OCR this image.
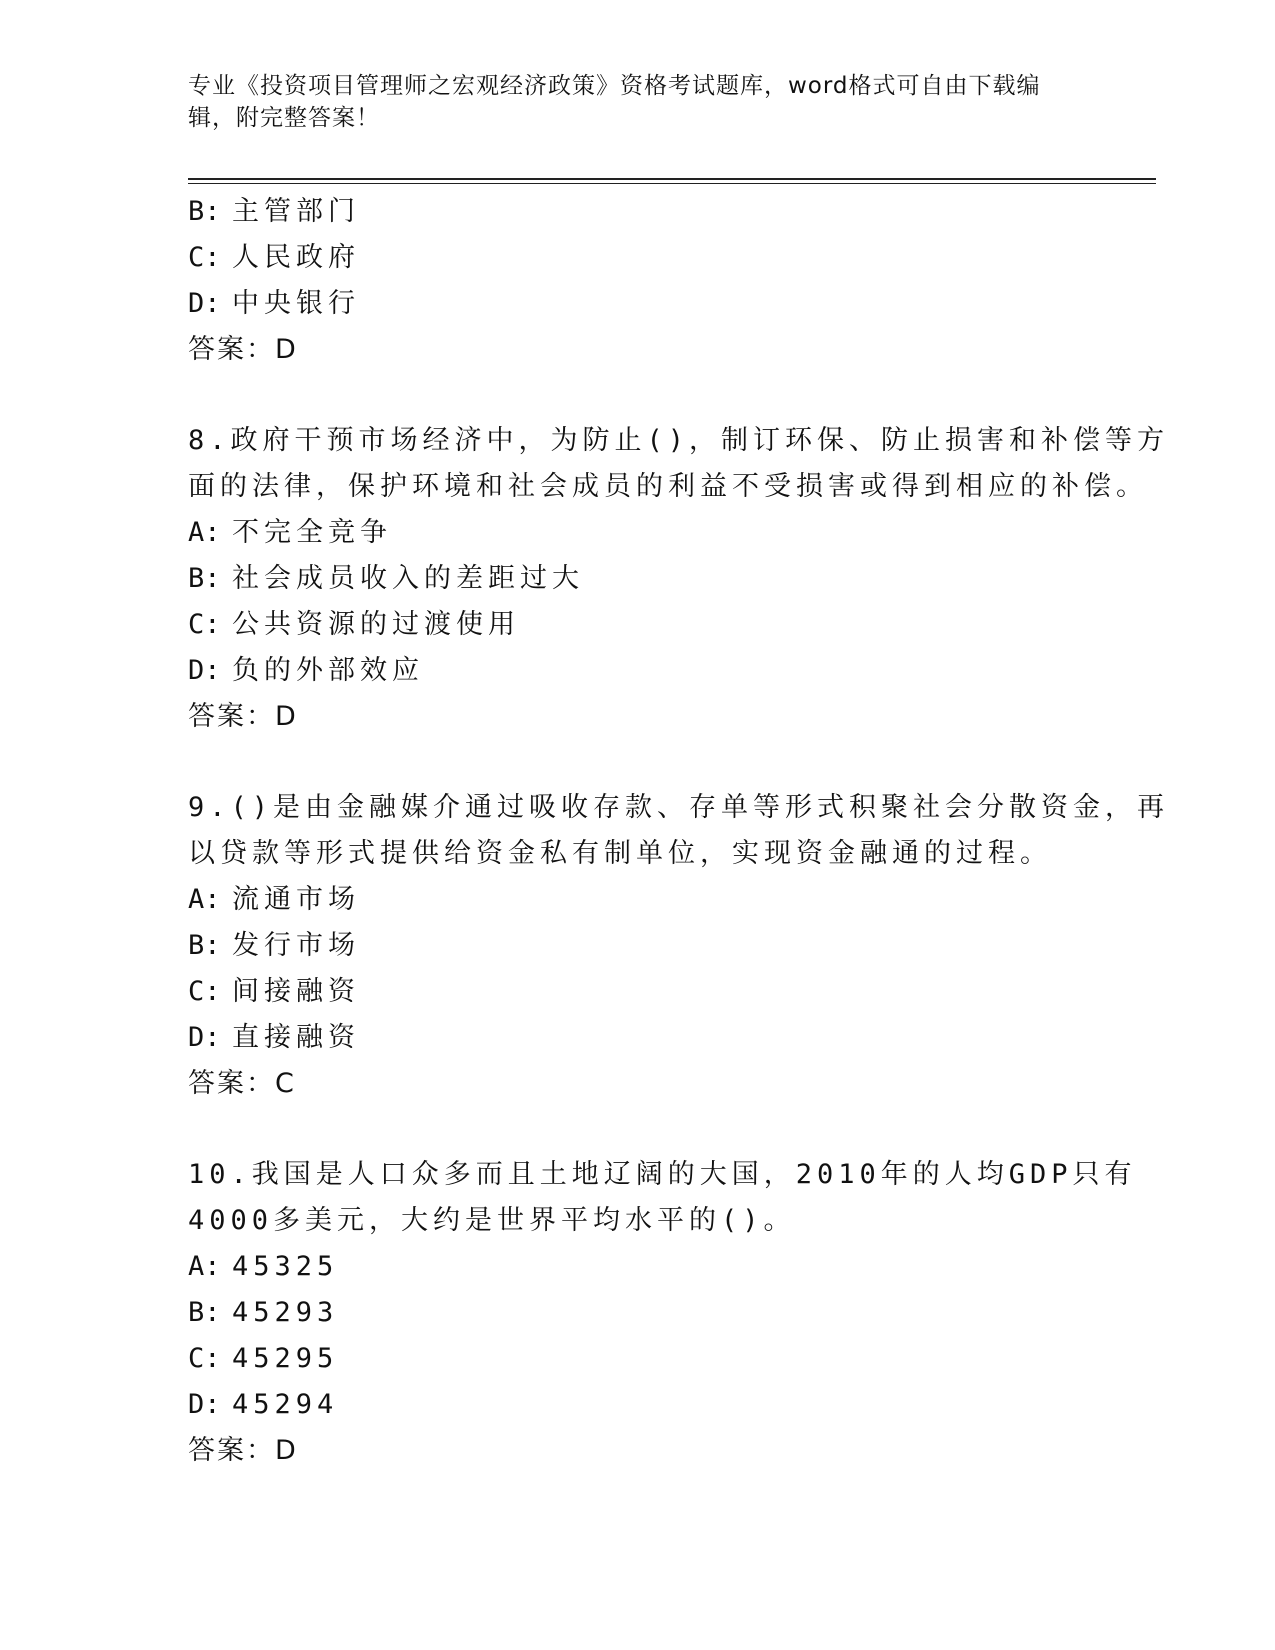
专业《投资项目管理师之宏观经济政策》资格考试题库，word格式可自由下载编
辑，附完整答案！
B: 主管部门
C: 人民政府
D: 中央银行
答案：D
8.政府干预市场经济中，为防止()，制订环保、防止损害和补偿等方
面的法律，保护环境和社会成员的利益不受损害或得到相应的补偿。
A: 不完全竞争
B: 社会成员收入的差距过大
C: 公共资源的过渡使用
D: 负的外部效应
答案：D
9.()是由金融媒介通过吸收存款、存单等形式积聚社会分散资金，再
以贷款等形式提供给资金私有制单位，实现资金融通的过程。
A: 流通市场
B: 发行市场
C: 间接融资
D: 直接融资
答案：C
10.我国是人口众多而且土地辽阔的大国，2010年的人均GDP只有
4000多美元，大约是世界平均水平的()。
A: 45325
B: 45293
C: 45295
D: 45294
答案：D
